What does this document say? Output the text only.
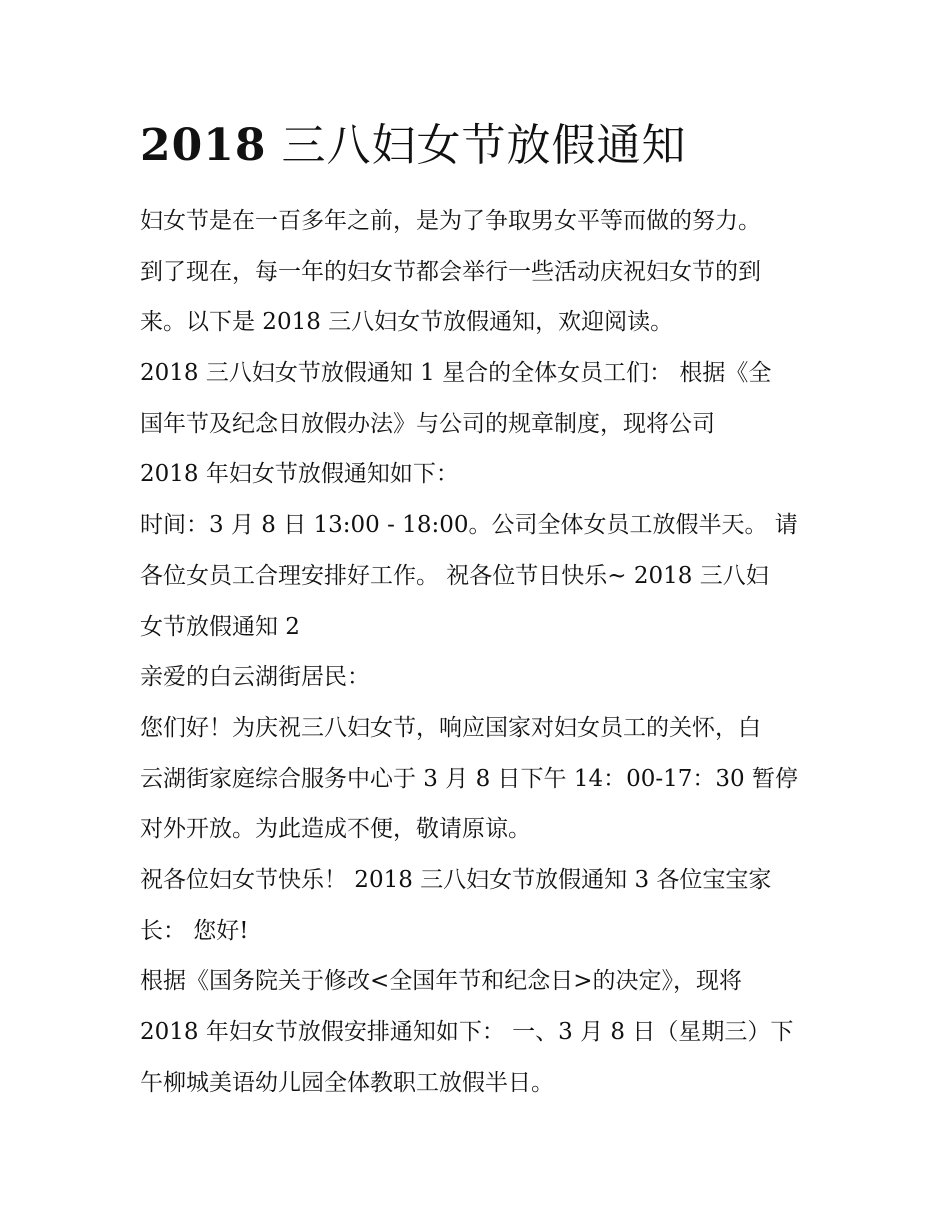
2018 三八妇女节放假通知
妇女节是在一百多年之前，是为了争取男女平等而做的努力。
到了现在，每一年的妇女节都会举行一些活动庆祝妇女节的到
来。以下是 2018 三八妇女节放假通知，欢迎阅读。
2018 三八妇女节放假通知 1 星合的全体女员工们： 根据《全
国年节及纪念日放假办法》与公司的规章制度，现将公司
2018 年妇女节放假通知如下：
时间：3 月 8 日 13:00 - 18:00。公司全体女员工放假半天。 请
各位女员工合理安排好工作。 祝各位节日快乐~ 2018 三八妇
女节放假通知 2
亲爱的白云湖街居民：
您们好！为庆祝三八妇女节，响应国家对妇女员工的关怀，白
云湖街家庭综合服务中心于 3 月 8 日下午 14：00-17：30 暂停
对外开放。为此造成不便，敬请原谅。
祝各位妇女节快乐！ 2018 三八妇女节放假通知 3 各位宝宝家
长： 您好!
根据《国务院关于修改<全国年节和纪念日>的决定》，现将
2018 年妇女节放假安排通知如下： 一、3 月 8 日（星期三）下
午柳城美语幼儿园全体教职工放假半日。
